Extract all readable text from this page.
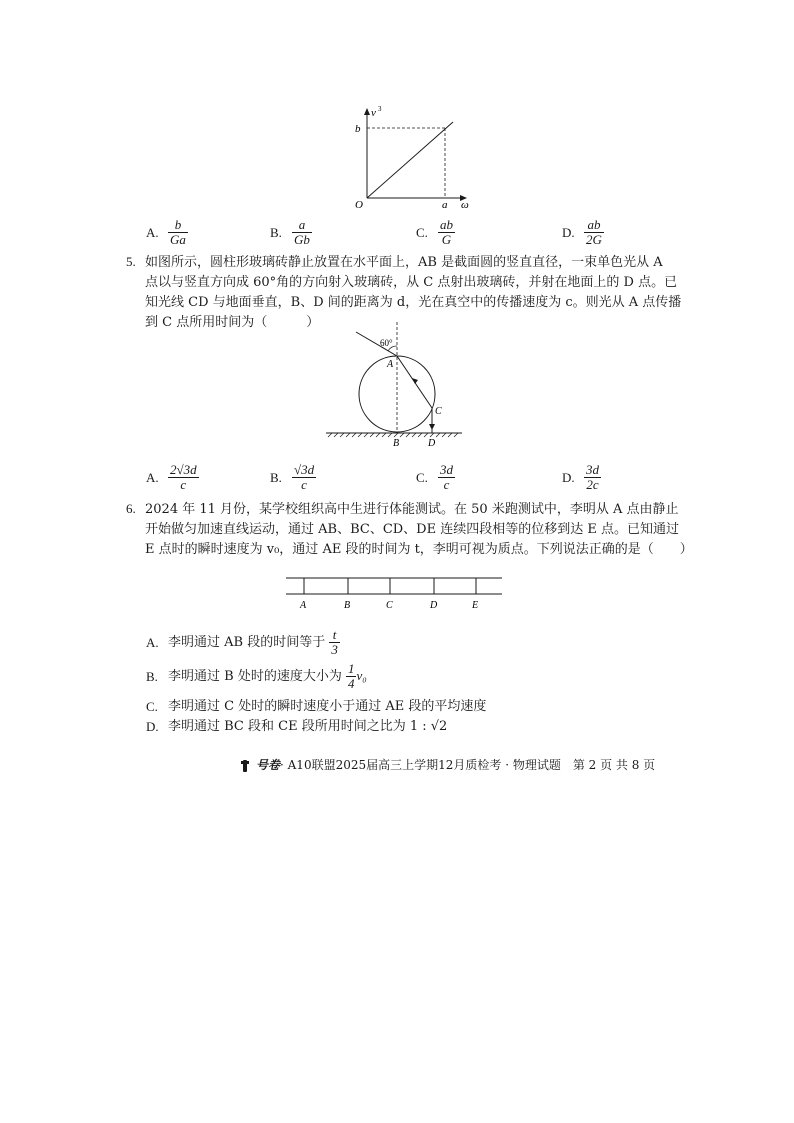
v 3
b
O	a ω
A. $\frac{b}{Ga}$	B. $\frac{a}{Gb}$	C. $\frac{ab}{G}$	D. $\frac{ab}{2G}$
5. 如图所示，圆柱形玻璃砖静止放置在水平面上，AB 是截面圆的竖直直径，一束单色光从 A
点以与竖直方向成 60°角的方向射入玻璃砖，从 C 点射出玻璃砖，并射在地面上的 D 点。已
知光线 CD 与地面垂直，B、D 间的距离为 d，光在真空中的传播速度为 c。则光从 A 点传播
到 C 点所用时间为（　　　）
60°
A
B
C
D
A. $\frac{2√3d}{c}$	B. $\frac{√3d}{c}$	C. $\frac{3d}{c}$	D. $\frac{3d}{2c}$
6. 2024 年 11 月份，某学校组织高中生进行体能测试。在 50 米跑测试中，李明从 A 点由静止
开始做匀加速直线运动，通过 AB、BC、CD、DE 连续四段相等的位移到达 E 点。已知通过
E 点时的瞬时速度为 v₀，通过 AE 段的时间为 t，李明可视为质点。下列说法正确的是（　　）
A	B	C	D	E
A. 李明通过 AB 段的时间等于 $\frac{t}{3}$
B. 李明通过 B 处时的速度大小为 $\frac{1}{4} v_0$
C. 李明通过 C 处时的瞬时速度小于通过 AE 段的平均速度
D. 李明通过 BC 段和 CE 段所用时间之比为 1 : √2
号卷· A10联盟2025届高三上学期12月质检考 · 物理试题　第 2 页 共 8 页
